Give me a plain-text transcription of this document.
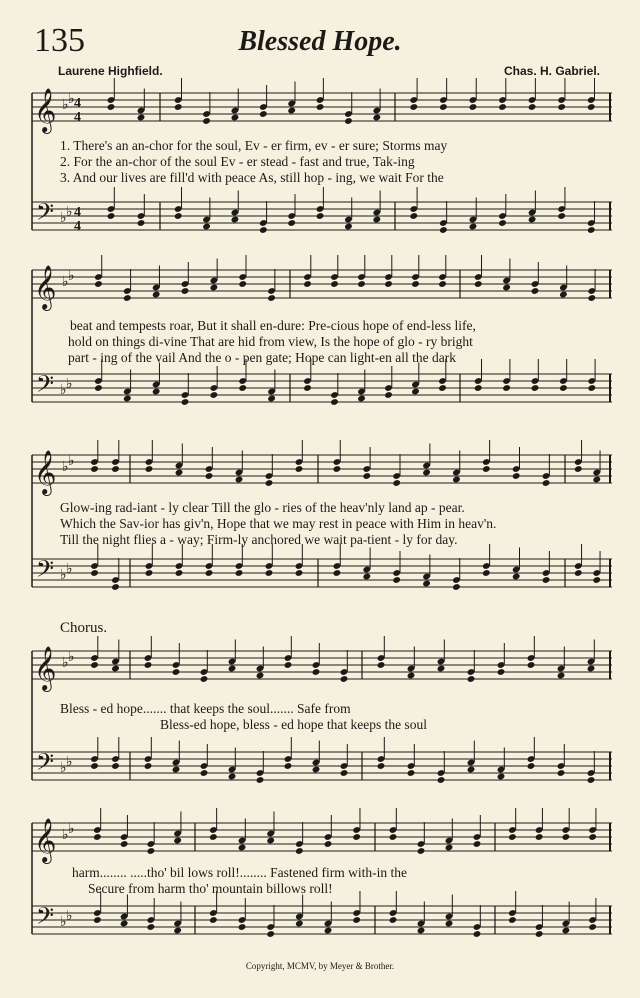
135	Blessed Hope.
Laurene Highfield.	Chas. H. Gabriel.
Chorus.
𝄞
𝄢
♭ ♭
♭ ♭
4
4
4
4
𝄞
𝄢
♭ ♭
♭ ♭
𝄞
𝄢
♭ ♭
♭ ♭
𝄞
𝄢
♭ ♭
♭ ♭
𝄞
𝄢
♭ ♭
♭ ♭
1. There's an an-chor for the soul, Ev - er firm, ev - er sure; Storms may
2. For the an-chor of the soul Ev - er stead - fast and true, Tak-ing
3. And our lives are fill'd with peace As, still hop - ing, we wait For the
beat and tempests roar, But it shall en-dure: Pre-cious hope of end-less life,
hold on things di-vine That are hid from view, Is the hope of glo - ry bright
part - ing of the vail And the o - pen gate; Hope can light-en all the dark
Glow-ing rad-iant - ly clear Till the glo - ries of the heav'nly land ap - pear.
Which the Sav-ior has giv'n, Hope that we may rest in peace with Him in heav'n.
Till the night flies a - way; Firm-ly anchored we wait pa-tient - ly for day.
Bless - ed hope....... that keeps the soul....... Safe from
Bless-ed hope, bless - ed hope that keeps the soul
harm........ .....tho' bil lows roll!........ Fastened firm with-in the
Secure from harm tho' mountain billows roll!
Copyright, MCMV, by Meyer & Brother.
